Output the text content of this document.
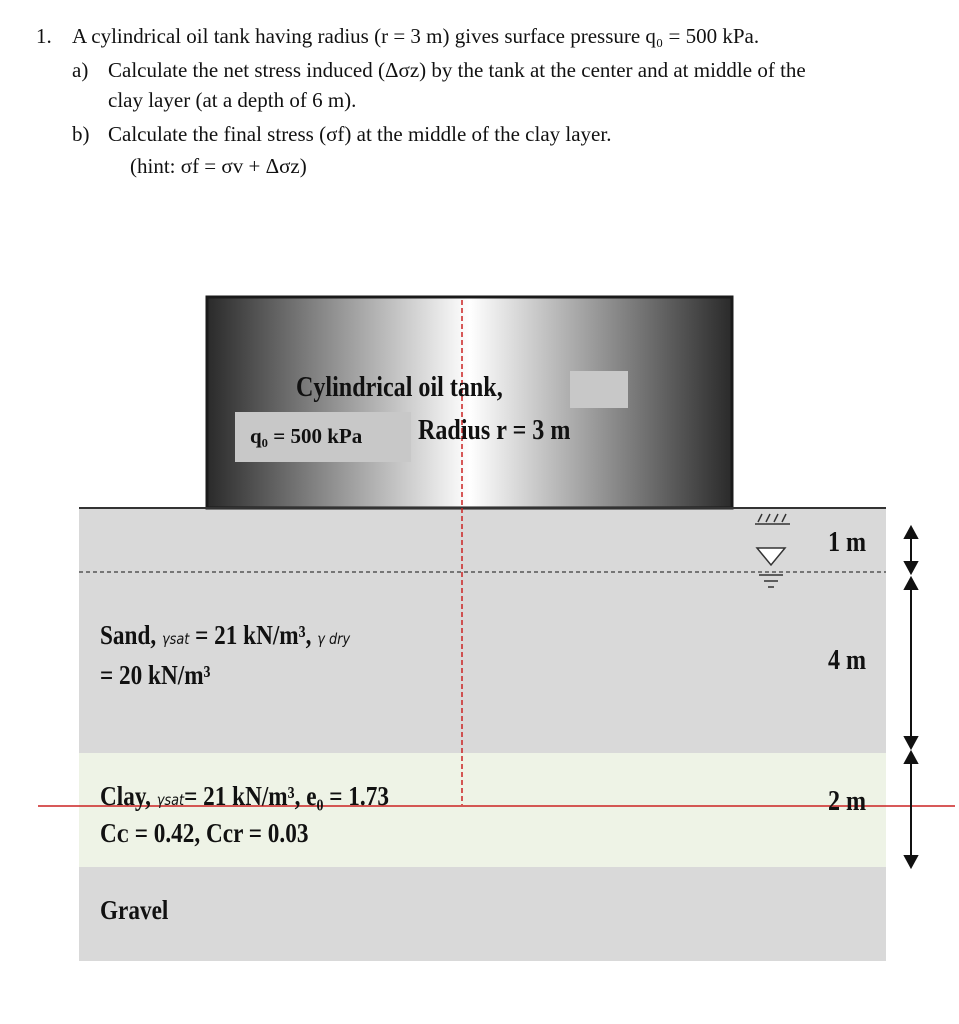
1. A cylindrical oil tank having radius (r = 3 m) gives surface pressure q₀ = 500 kPa.
a) Calculate the net stress induced (Δσz) by the tank at the center and at middle of the
clay layer (at a depth of 6 m).
b) Calculate the final stress (σf) at the middle of the clay layer.
(hint: σf = σv + Δσz)
Cylindrical oil tank,
q₀ = 500 kPa Radius r = 3 m
Sand, γsat = 21 kN/m³, γ dry
= 20 kN/m³
Clay, γsat= 21 kN/m³, e₀ = 1.73
Cᴄ = 0.42, Ccr = 0.03
Gravel
1 m
4 m
2 m
